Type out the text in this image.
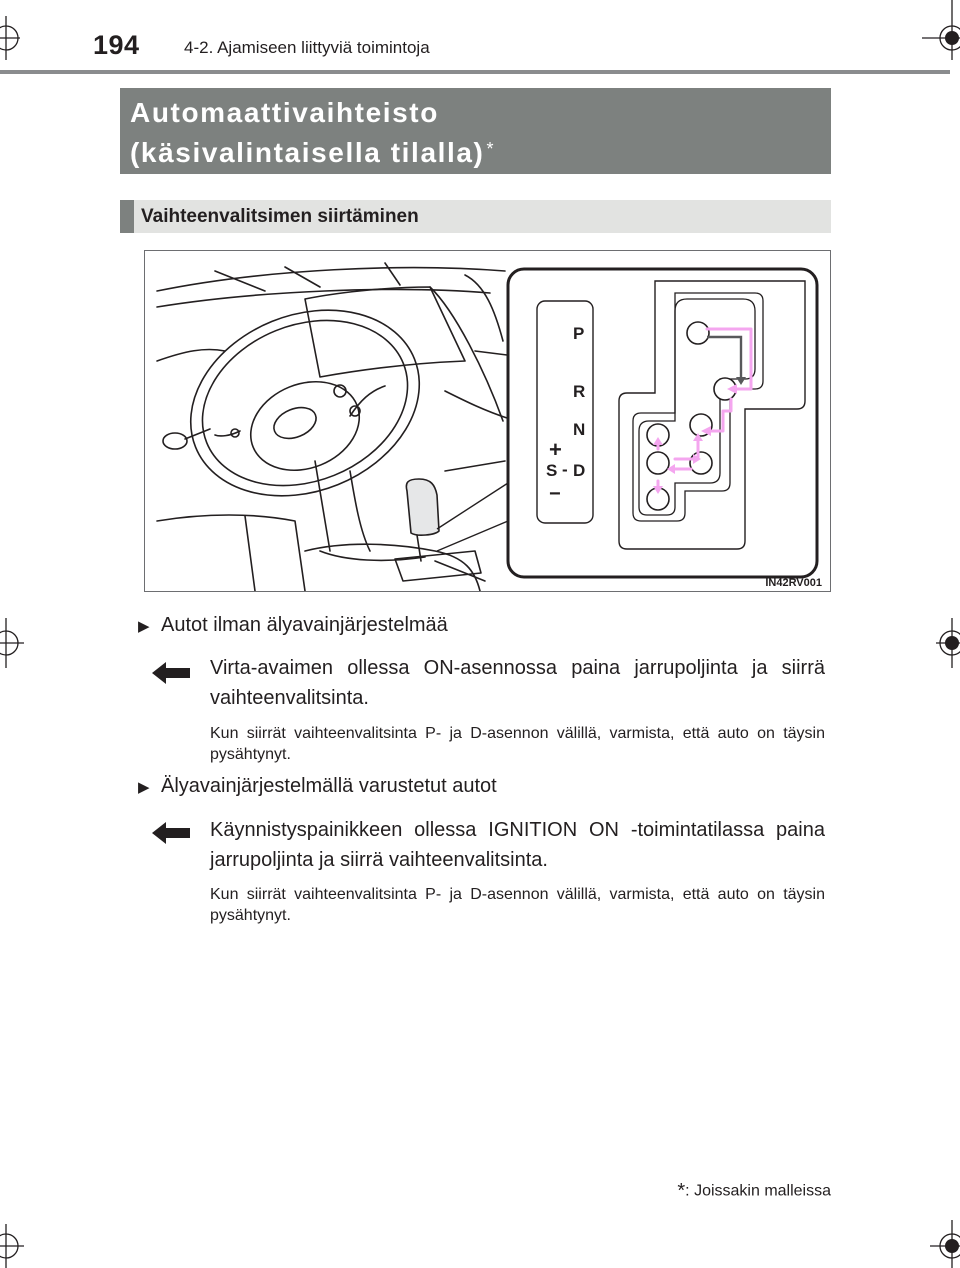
194	4-2. Ajamiseen liittyviä toimintoja
Automaattivaihteisto
(käsivalintaisella tilalla) *
Vaihteenvalitsimen siirtäminen
P
R
N
D
S
+
−
-
IN42RV001
▶ Autot ilman älyavainjärjestelmää
Virta-avaimen ollessa ON-asennossa paina jarrupoljinta ja siirrä vaihteenvalitsinta.
Kun siirrät vaihteenvalitsinta P- ja D-asennon välillä, varmista, että auto on täysin pysähtynyt.
▶ Älyavainjärjestelmällä varustetut autot
Käynnistyspainikkeen ollessa IGNITION ON -toimintatilassa paina jarrupoljinta ja siirrä vaihteenvalitsinta.
Kun siirrät vaihteenvalitsinta P- ja D-asennon välillä, varmista, että auto on täysin pysähtynyt.
*: Joissakin malleissa
